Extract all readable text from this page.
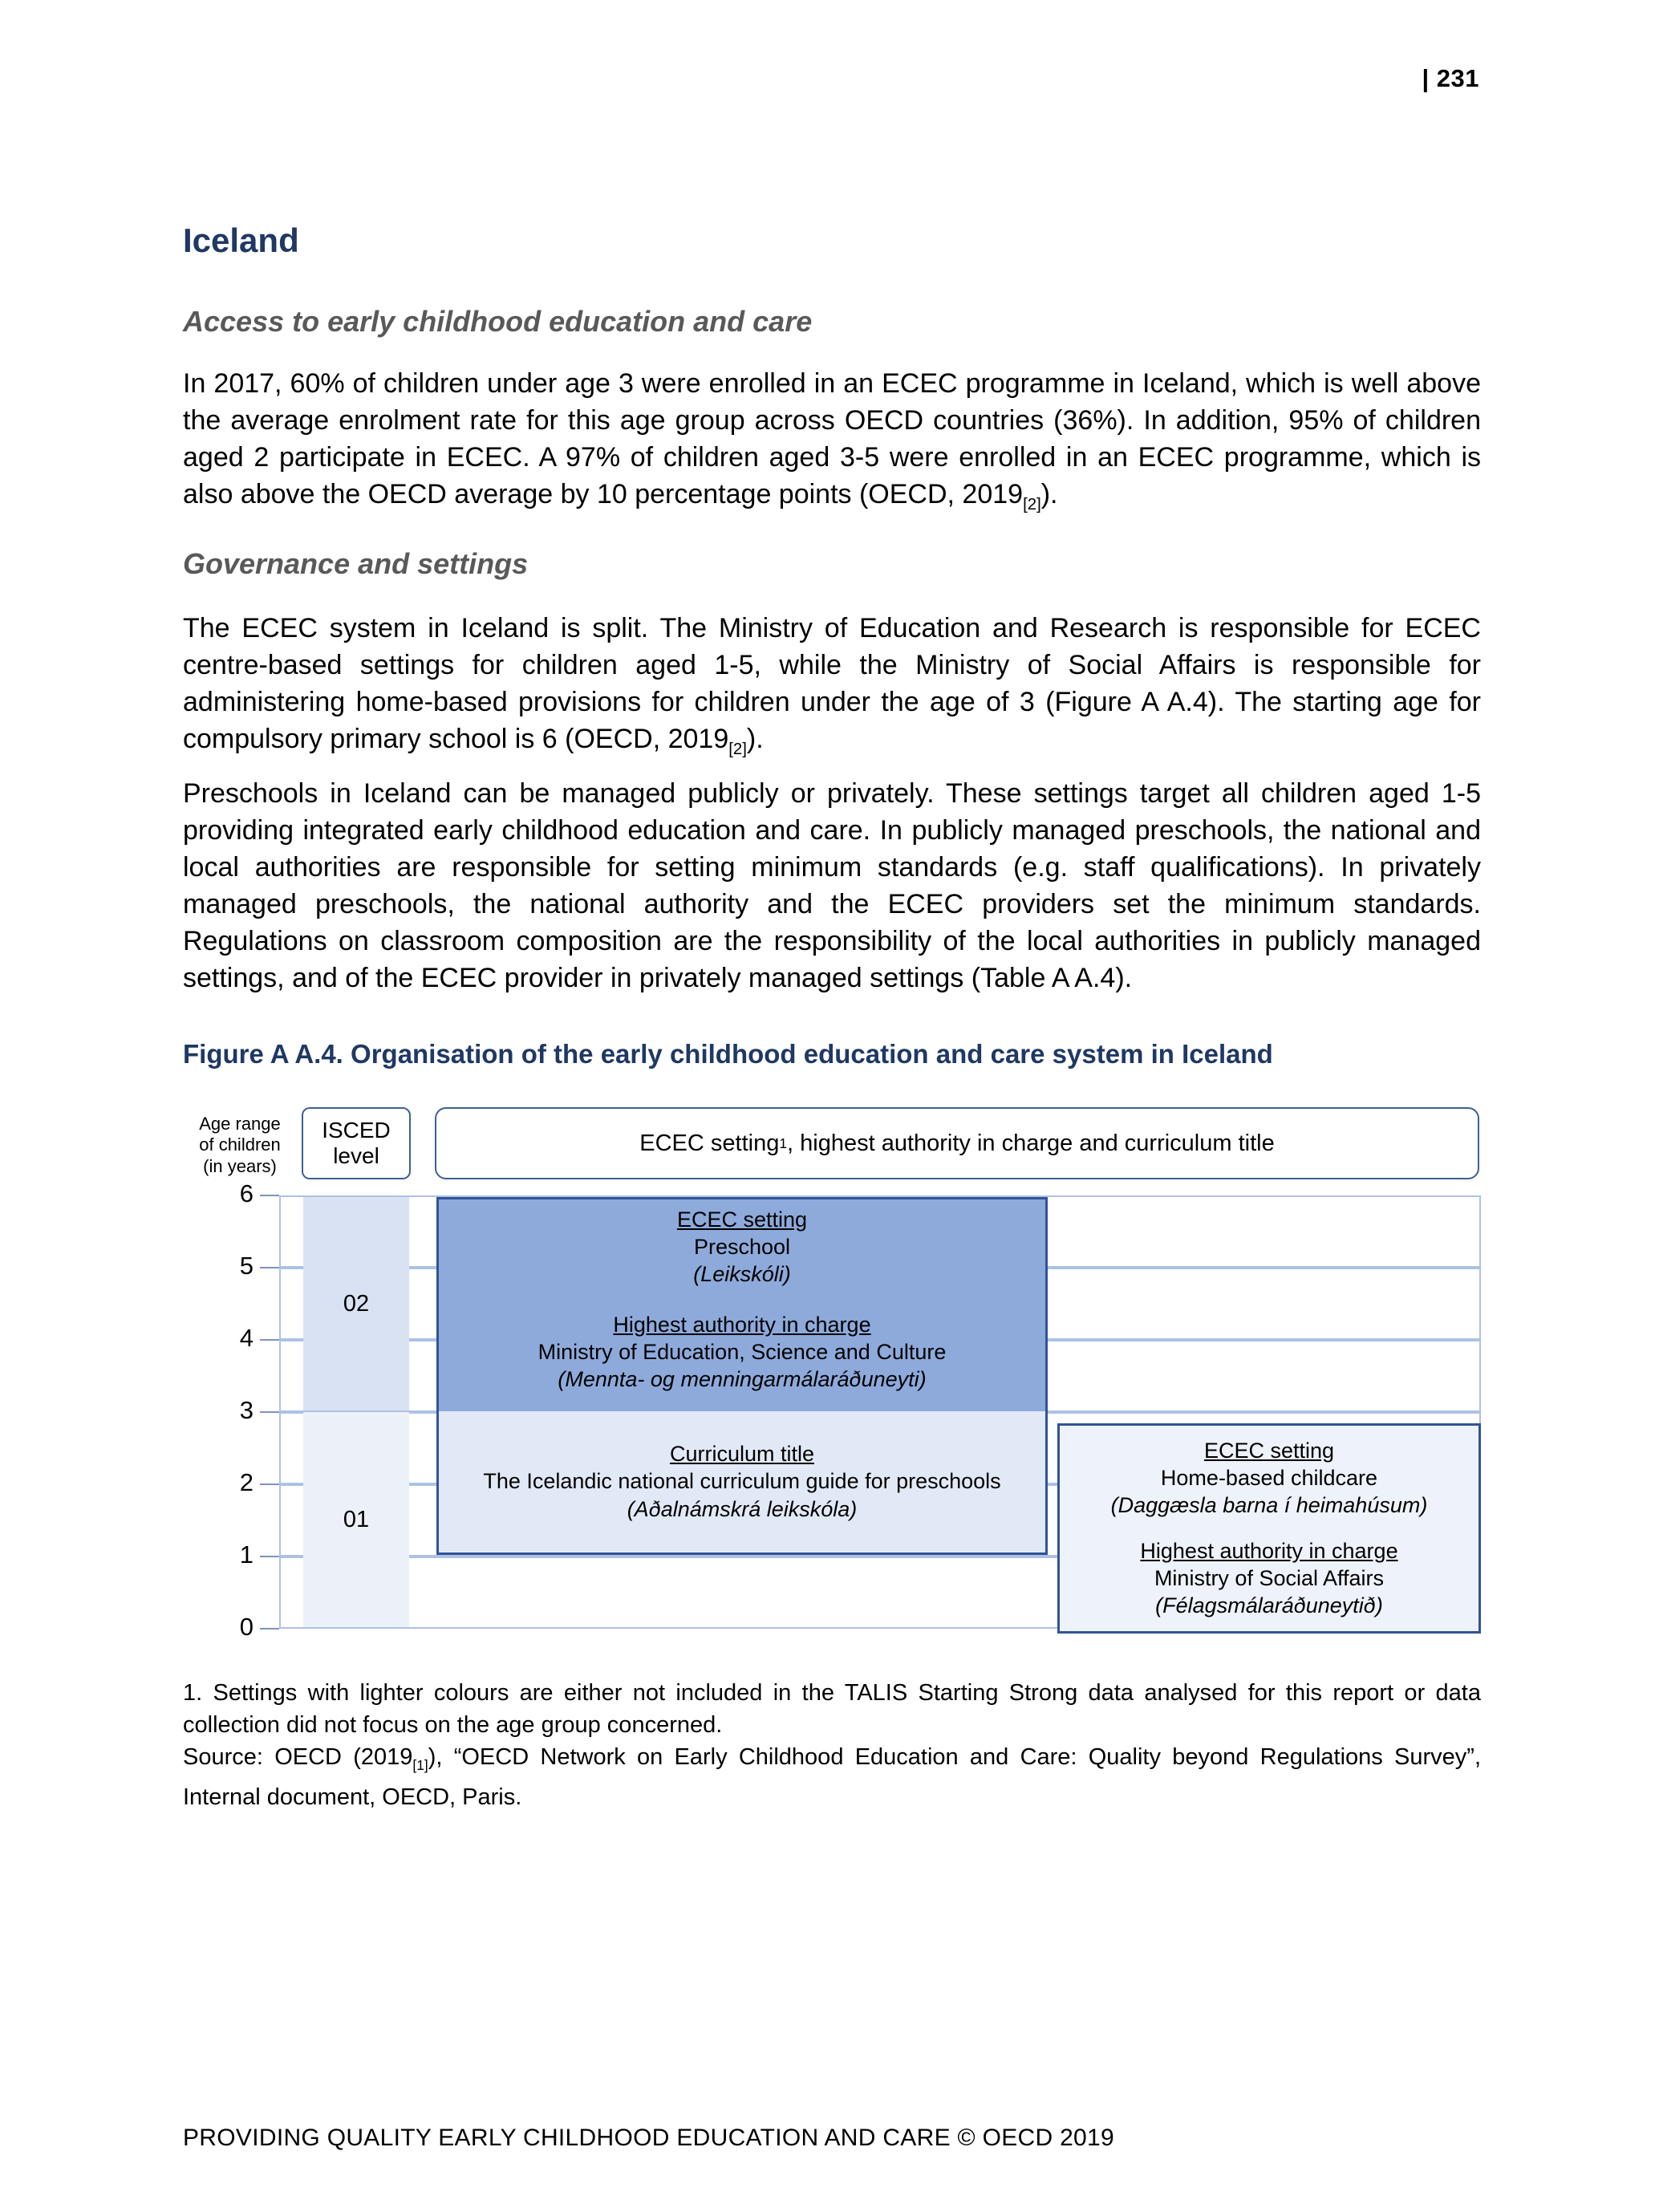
| 231
Iceland
Access to early childhood education and care

In 2017, 60% of children under age 3 were enrolled in an ECEC programme in Iceland, which is well above the average enrolment rate for this age group across OECD countries (36%). In addition, 95% of children aged 2 participate in ECEC. A 97% of children aged 3-5 were enrolled in an ECEC programme, which is also above the OECD average by 10 percentage points (OECD, $2019_{[2]}$).

Governance and settings

The ECEC system in Iceland is split. The Ministry of Education and Research is responsible for ECEC centre-based settings for children aged 1-5, while the Ministry of Social Affairs is responsible for administering home-based provisions for children under the age of 3 (Figure A A.4). The starting age for compulsory primary school is 6 (OECD, $2019_{[2]}$).

Preschools in Iceland can be managed publicly or privately. These settings target all children aged 1-5 providing integrated early childhood education and care. In publicly managed preschools, the national and local authorities are responsible for setting minimum standards (e.g. staff qualifications). In privately managed preschools, the national authority and the ECEC providers set the minimum standards. Regulations on classroom composition are the responsibility of the local authorities in publicly managed settings, and of the ECEC provider in privately managed settings (Table A A.4).

Figure A A.4. Organisation of the early childhood education and care system in Iceland
Age range
of children
(in years)
ISCED
level	ECEC setting 1 , highest authority in charge and curriculum title
6
5
4
3
2
1
0
02
01
ECEC setting
Preschool
(Leikskóli)
Highest authority in charge
Ministry of Education, Science and Culture
(Mennta- og menningarmálaráðuneyti)
Curriculum title
The Icelandic national curriculum guide for preschools
(Aðalnámskrá leikskóla)
ECEC setting
Home-based childcare
(Daggæsla barna í heimahúsum)
Highest authority in charge
Ministry of Social Affairs
(Félagsmálaráðuneytið)

1. Settings with lighter colours are either not included in the TALIS Starting Strong data analysed for this report or data collection did not focus on the age group concerned.

Source: OECD $(2019_{[1]})$, “OECD Network on Early Childhood Education and Care: Quality beyond Regulations Survey”, Internal document, OECD, Paris.

PROVIDING QUALITY EARLY CHILDHOOD EDUCATION AND CARE © OECD 2019
